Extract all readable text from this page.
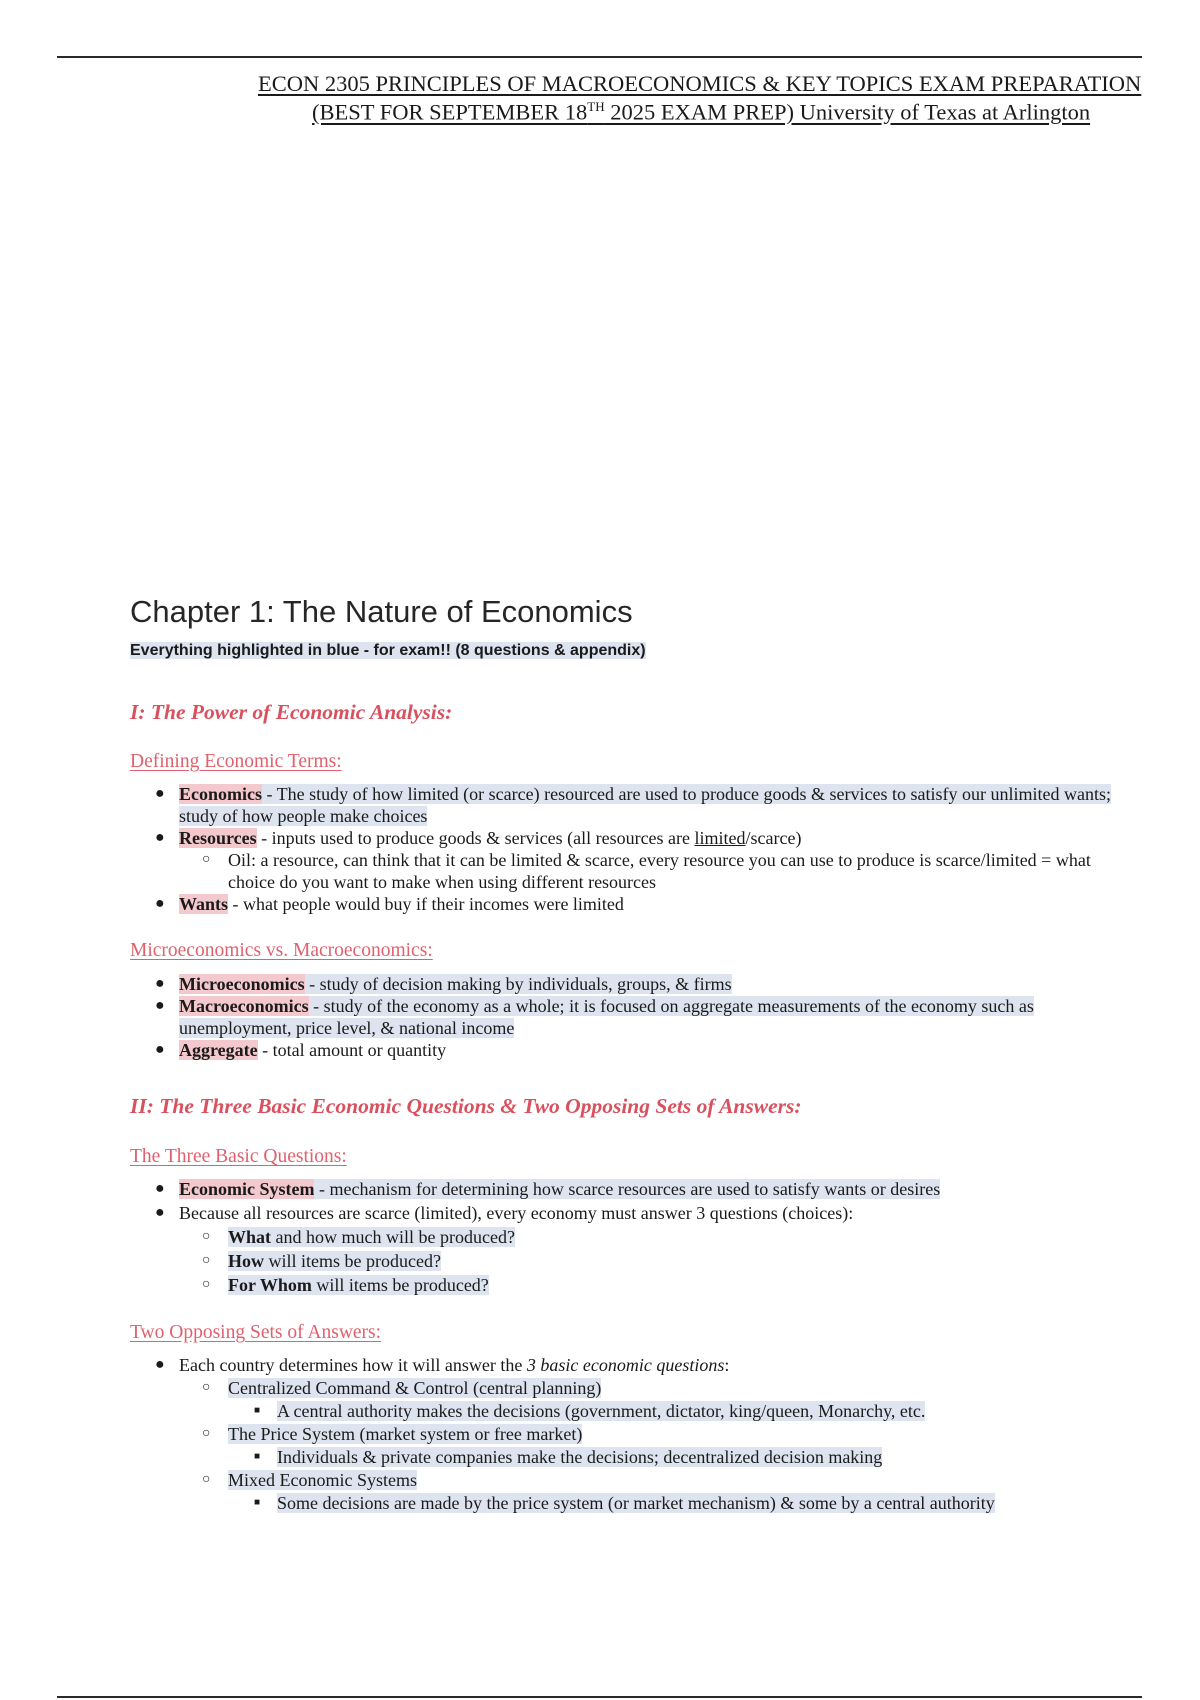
ECON 2305 PRINCIPLES OF MACROECONOMICS & KEY TOPICS EXAM PREPARATION
(BEST FOR SEPTEMBER 18TH 2025 EXAM PREP) University of Texas at Arlington
Chapter 1: The Nature of Economics
Everything highlighted in blue - for exam!! (8 questions & appendix)
I: The Power of Economic Analysis:
Defining Economic Terms:
● Economics - The study of how limited (or scarce) resourced are used to produce goods & services to satisfy our unlimited wants;
study of how people make choices
● Resources - inputs used to produce goods & services (all resources are limited/scarce)
○ Oil: a resource, can think that it can be limited & scarce, every resource you can use to produce is scarce/limited = what
choice do you want to make when using different resources
● Wants - what people would buy if their incomes were limited
Microeconomics vs. Macroeconomics:
● Microeconomics - study of decision making by individuals, groups, & firms
● Macroeconomics - study of the economy as a whole; it is focused on aggregate measurements of the economy such as
unemployment, price level, & national income
● Aggregate - total amount or quantity
II: The Three Basic Economic Questions & Two Opposing Sets of Answers:
The Three Basic Questions:
● Economic System - mechanism for determining how scarce resources are used to satisfy wants or desires
● Because all resources are scarce (limited), every economy must answer 3 questions (choices):
○ What and how much will be produced?
○ How will items be produced?
○ For Whom will items be produced?
Two Opposing Sets of Answers:
● Each country determines how it will answer the 3 basic economic questions:
○ Centralized Command & Control (central planning)
■ A central authority makes the decisions (government, dictator, king/queen, Monarchy, etc.
○ The Price System (market system or free market)
■ Individuals & private companies make the decisions; decentralized decision making
○ Mixed Economic Systems
■ Some decisions are made by the price system (or market mechanism) & some by a central authority
